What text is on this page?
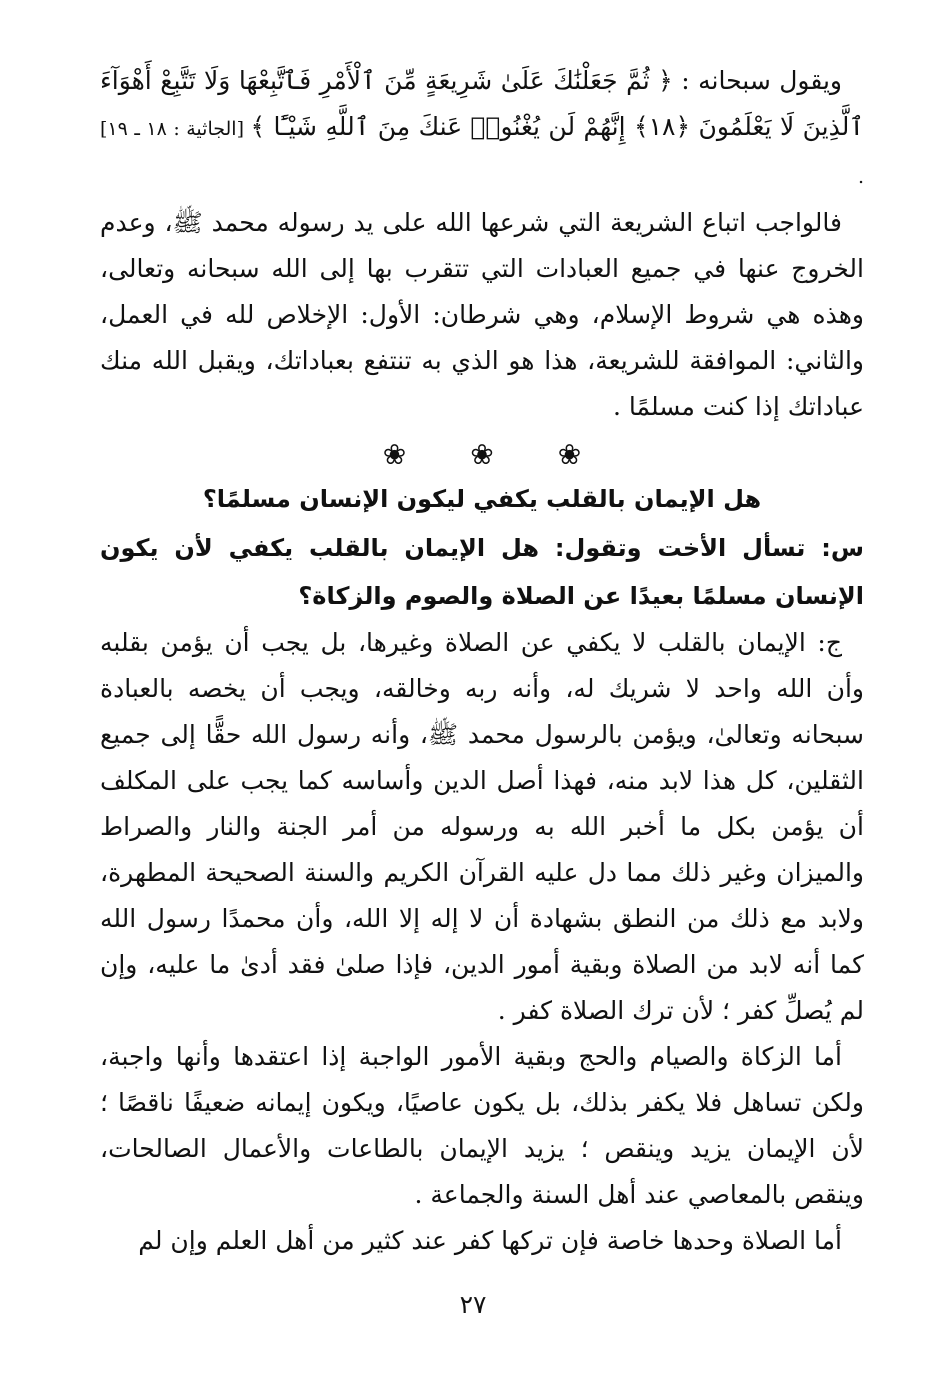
ويقول سبحانه : ﴿ ثُمَّ جَعَلْنَٰكَ عَلَىٰ شَرِيعَةٍ مِّنَ ٱلْأَمْرِ فَٱتَّبِعْهَا وَلَا تَتَّبِعْ أَهْوَآءَ ٱلَّذِينَ لَا يَعْلَمُونَ ﴿١٨﴾ إِنَّهُمْ لَن يُغْنُوا۟ عَنكَ مِنَ ٱللَّهِ شَيْـًٔا ﴾ [الجاثية : ١٨ ـ ١٩] .

فالواجب اتباع الشريعة التي شرعها الله على يد رسوله محمد ﷺ، وعدم الخروج عنها في جميع العبادات التي تتقرب بها إلى الله سبحانه وتعالى، وهذه هي شروط الإسلام، وهي شرطان: الأول: الإخلاص لله في العمل، والثاني: الموافقة للشريعة، هذا هو الذي به تنتفع بعباداتك، ويقبل الله منك عباداتك إذا كنت مسلمًا .

❀❀❀
هل الإيمان بالقلب يكفي ليكون الإنسان مسلمًا؟

س: تسأل الأخت وتقول: هل الإيمان بالقلب يكفي لأن يكون الإنسان مسلمًا بعيدًا عن الصلاة والصوم والزكاة؟

ج: الإيمان بالقلب لا يكفي عن الصلاة وغيرها، بل يجب أن يؤمن بقلبه وأن الله واحد لا شريك له، وأنه ربه وخالقه، ويجب أن يخصه بالعبادة سبحانه وتعالىٰ، ويؤمن بالرسول محمد ﷺ، وأنه رسول الله حقًّا إلى جميع الثقلين، كل هذا لابد منه، فهذا أصل الدين وأساسه كما يجب على المكلف أن يؤمن بكل ما أخبر الله به ورسوله من أمر الجنة والنار والصراط والميزان وغير ذلك مما دل عليه القرآن الكريم والسنة الصحيحة المطهرة، ولابد مع ذلك من النطق بشهادة أن لا إله إلا الله، وأن محمدًا رسول الله كما أنه لابد من الصلاة وبقية أمور الدين، فإذا صلىٰ فقد أدىٰ ما عليه، وإن لم يُصلِّ كفر ؛ لأن ترك الصلاة كفر .

أما الزكاة والصيام والحج وبقية الأمور الواجبة إذا اعتقدها وأنها واجبة، ولكن تساهل فلا يكفر بذلك، بل يكون عاصيًا، ويكون إيمانه ضعيفًا ناقصًا ؛ لأن الإيمان يزيد وينقص ؛ يزيد الإيمان بالطاعات والأعمال الصالحات، وينقص بالمعاصي عند أهل السنة والجماعة .

أما الصلاة وحدها خاصة فإن تركها كفر عند كثير من أهل العلم وإن لم

٢٧
